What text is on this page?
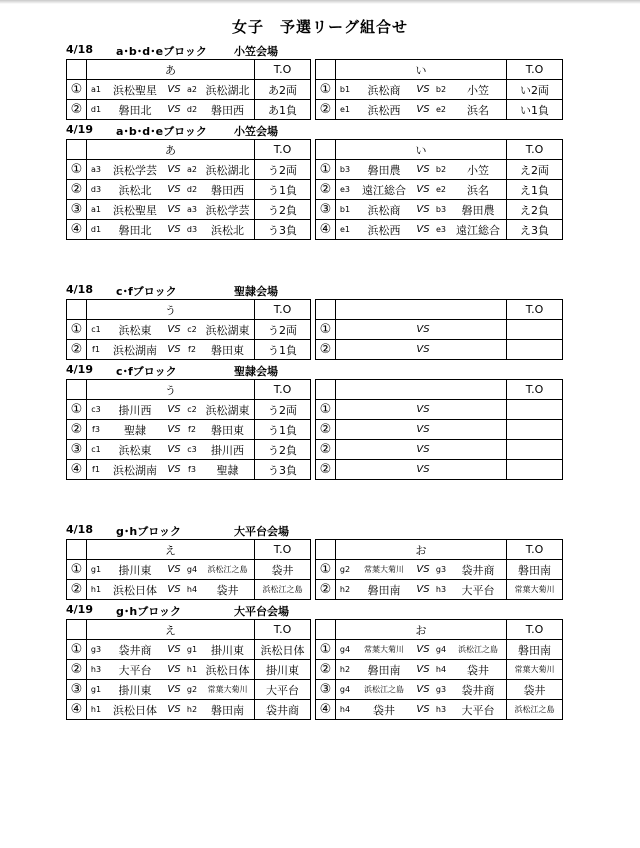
女子　予選リーグ組合せ
4/18 a･b･d･eブロック 小笠会場
	あ	T.O			い	T.O
①	a1 浜松聖星 VS a2 浜松湖北	あ2両		①	b1 浜松商 VS b2 小笠	い2両
②	d1 磐田北 VS d2 磐田西	あ1負		②	e1 浜松西 VS e2 浜名	い1負
4/19 a･b･d･eブロック 小笠会場
	あ	T.O			い	T.O
①	a3 浜松学芸 VS a2 浜松湖北	う2両		①	b3 磐田農 VS b2 小笠	え2両
②	d3 浜松北 VS d2 磐田西	う1負		②	e3 遠江総合 VS e2 浜名	え1負
③	a1 浜松聖星 VS a3 浜松学芸	う2負		③	b1 浜松商 VS b3 磐田農	え2負
④	d1 磐田北 VS d3 浜松北	う3負		④	e1 浜松西 VS e3 遠江総合	え3負
4/18 c･fブロック	聖隷会場
	う	T.O				T.O
①	c1 浜松東 VS c2 浜松湖東	う2両		①	VS	

②	f1 浜松湖南 VS f2 磐田東	う1負		②	VS	

4/19 c･fブロック	聖隷会場
	う	T.O				T.O
①	c3 掛川西 VS c2 浜松湖東	う2両		①	VS	

②	f3 聖隷 VS f2 磐田東	う1負		②	VS	

③	c1 浜松東 VS c3 掛川西	う2負		②	VS	

④	f1 浜松湖南 VS f3 聖隷	う3負		②	VS	

4/18 g･hブロック	大平台会場
	え	T.O			お	T.O
①	g1 掛川東 VS g4 浜松江之島	袋井		①	g2 常葉大菊川 VS g3 袋井商	磐田南
②	h1 浜松日体 VS h4 袋井	浜松江之島		②	h2 磐田南 VS h3 大平台	常葉大菊川
4/19 g･hブロック	大平台会場
	え	T.O			お	T.O
①	g3 袋井商 VS g1 掛川東	浜松日体		①	g4 常葉大菊川 VS g4 浜松江之島	磐田南
②	h3 大平台 VS h1 浜松日体	掛川東		②	h2 磐田南 VS h4 袋井	常葉大菊川
③	g1 掛川東 VS g2 常葉大菊川	大平台		③	g4 浜松江之島 VS g3 袋井商	袋井
④	h1 浜松日体 VS h2 磐田南	袋井商		④	h4 袋井 VS h3 大平台	浜松江之島
